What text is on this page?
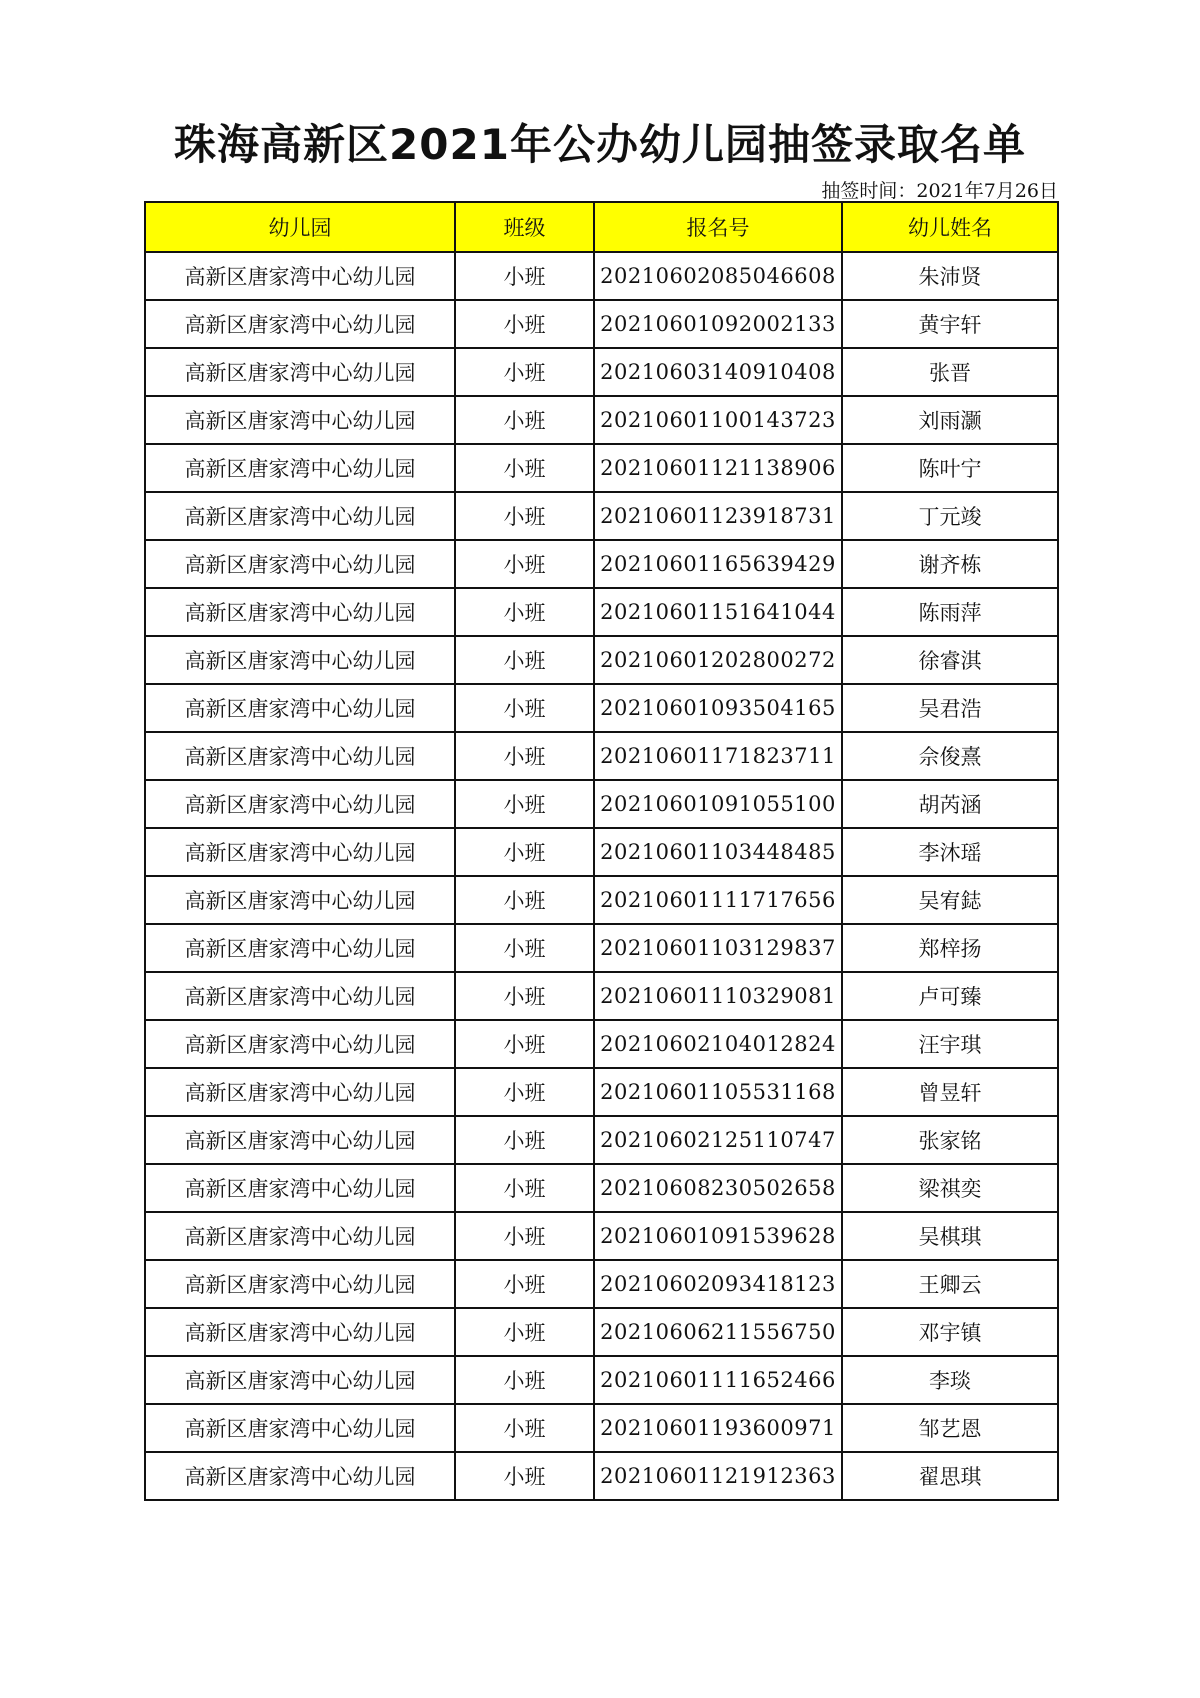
珠海高新区2021年公办幼儿园抽签录取名单
抽签时间：2021年7月26日
幼儿园	班级	报名号	幼儿姓名
高新区唐家湾中心幼儿园	小班	20210602085046608	朱沛贤
高新区唐家湾中心幼儿园	小班	20210601092002133	黄宇轩
高新区唐家湾中心幼儿园	小班	20210603140910408	张晋
高新区唐家湾中心幼儿园	小班	20210601100143723	刘雨灏
高新区唐家湾中心幼儿园	小班	20210601121138906	陈叶宁
高新区唐家湾中心幼儿园	小班	20210601123918731	丁元竣
高新区唐家湾中心幼儿园	小班	20210601165639429	谢齐栋
高新区唐家湾中心幼儿园	小班	20210601151641044	陈雨萍
高新区唐家湾中心幼儿园	小班	20210601202800272	徐睿淇
高新区唐家湾中心幼儿园	小班	20210601093504165	吴君浩
高新区唐家湾中心幼儿园	小班	20210601171823711	佘俊熹
高新区唐家湾中心幼儿园	小班	20210601091055100	胡芮涵
高新区唐家湾中心幼儿园	小班	20210601103448485	李沐瑶
高新区唐家湾中心幼儿园	小班	20210601111717656	吴宥鋕
高新区唐家湾中心幼儿园	小班	20210601103129837	郑梓扬
高新区唐家湾中心幼儿园	小班	20210601110329081	卢可臻
高新区唐家湾中心幼儿园	小班	20210602104012824	汪宇琪
高新区唐家湾中心幼儿园	小班	20210601105531168	曾昱轩
高新区唐家湾中心幼儿园	小班	20210602125110747	张家铭
高新区唐家湾中心幼儿园	小班	20210608230502658	梁祺奕
高新区唐家湾中心幼儿园	小班	20210601091539628	吴棋琪
高新区唐家湾中心幼儿园	小班	20210602093418123	王卿云
高新区唐家湾中心幼儿园	小班	20210606211556750	邓宇镇
高新区唐家湾中心幼儿园	小班	20210601111652466	李琰
高新区唐家湾中心幼儿园	小班	20210601193600971	邹艺恩
高新区唐家湾中心幼儿园	小班	20210601121912363	翟思琪
